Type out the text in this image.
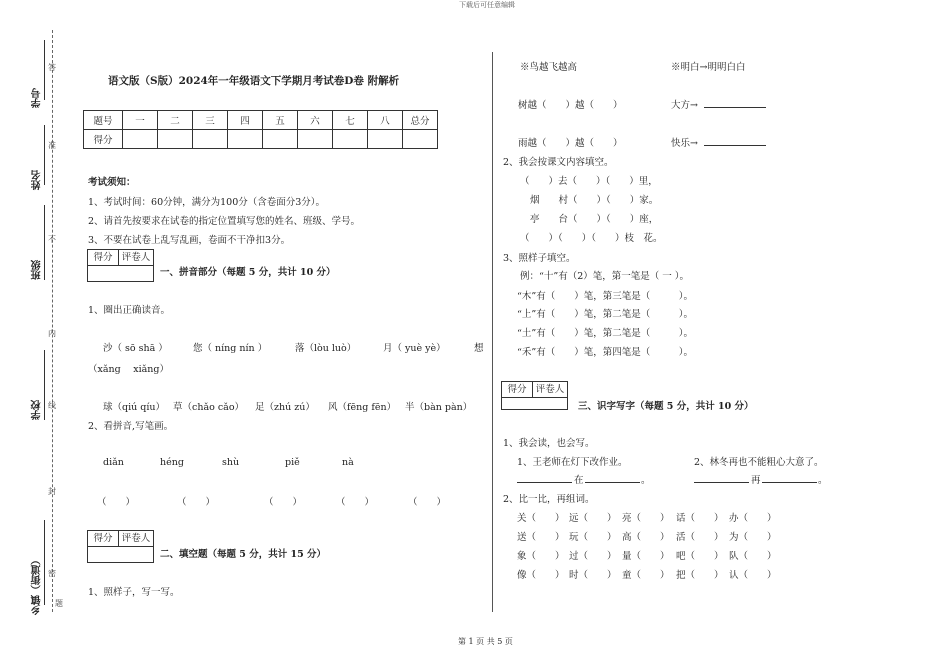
下载后可任意编辑
第 1 页 共 5 页
学号
姓名
班级
学校
乡镇（街道）
答
准
不
内
线
封
密
题
语文版（S版）2024年一年级语文下学期月考试卷D卷 附解析
题号	一	二	三	四	五	六	七	八	总分
得分									
考试须知：
1、考试时间：60分钟，满分为100分（含卷面分3分）。
2、请首先按要求在试卷的指定位置填写您的姓名、班级、学号。
3、不要在试卷上乱写乱画，卷面不干净扣3分。
得分 评卷人
一、拼音部分（每题 5 分，共计 10 分）
1、圈出正确读音。
沙（ sō shā ）	您（ níng nín ）	落（lòu luò）	月（ yuè yè）	想
（xǎng　 xiǎng）
球（qiú qíu） 草（chǎo cǎo） 足（zhú zú） 风（fēng fēn） 半（bàn pàn）
2、看拼音,写笔画。
diǎn	héng	shù	piě	nà
（　　）	（　　）	（　　）	（　　）	（　　）
得分 评卷人
二、填空题（每题 5 分，共计 15 分）
1、照样子，写一写。
※鸟越飞越高	※明白→明明白白
树越（　　）越（　　）	大方→
雨越（　　）越（　　）	快乐→
2、我会按课文内容填空。
（　　）去（　　）（　　）里，
烟　　村（　　）（　　）家。
亭　　台（　　）（　　）座，
（　　）（　　）（　　）枝　花。
3、照样子填空。
例：“十”有（2）笔，第一笔是（ 一 ）。
“木”有（　　）笔，第三笔是（　　　）。
“上”有（　　）笔，第二笔是（　　　）。
“土”有（　　）笔，第二笔是（　　　）。
“禾”有（　　）笔，第四笔是（　　　）。
得分 评卷人
三、识字写字（每题 5 分，共计 10 分）
1、我会读，也会写。
1、王老师在灯下改作业。	2、林冬再也不能粗心大意了。
在	。	再	。
2、比一比，再组词。
关（　　） 远（　　） 亮（　　） 话（　　） 办（　　）
送（　　） 玩（　　） 高（　　） 活（　　） 为（　　）
象（　　） 过（　　） 量（　　） 吧（　　） 队（　　）
像（　　） 时（　　） 童（　　） 把（　　） 认（　　）
